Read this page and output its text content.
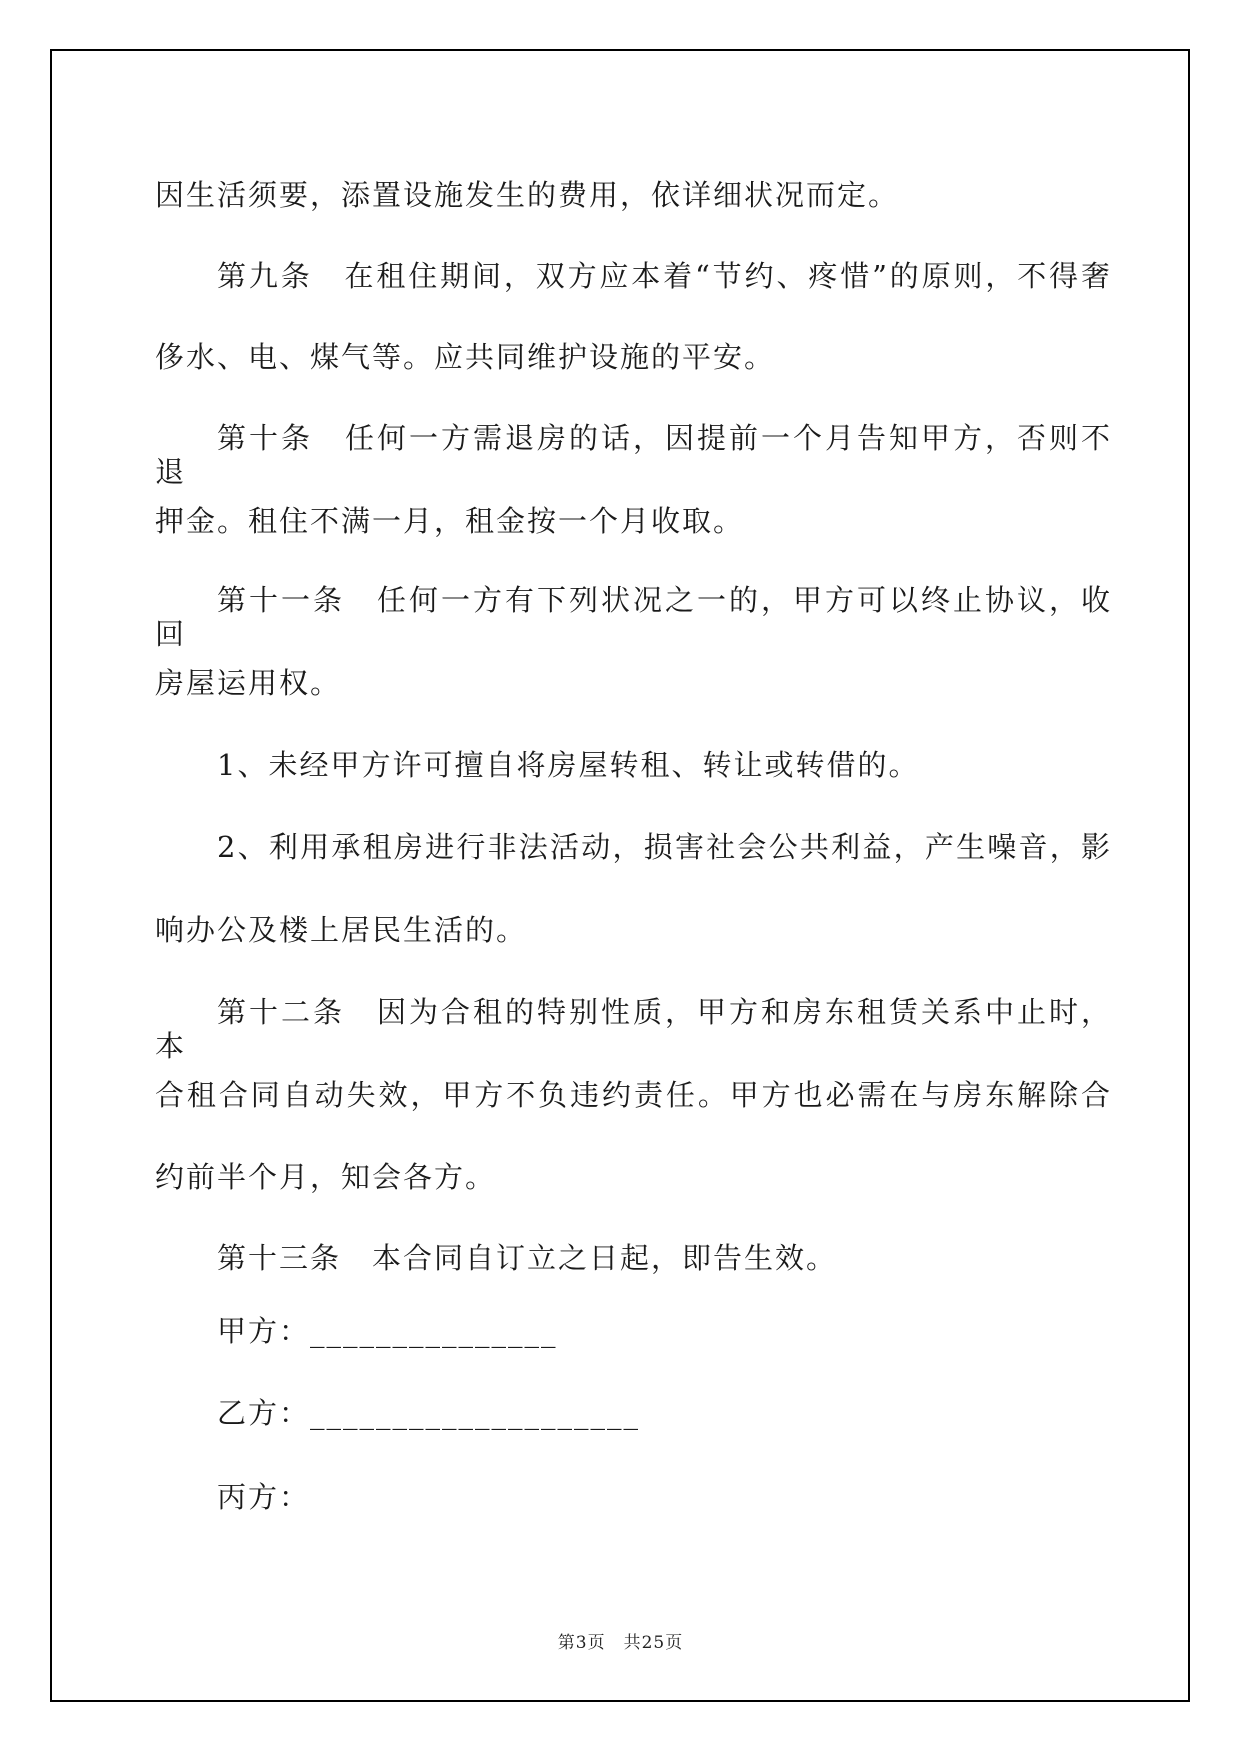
因生活须要，添置设施发生的费用，依详细状况而定。
第九条　在租住期间，双方应本着“节约、疼惜”的原则，不得奢
侈水、电、煤气等。应共同维护设施的平安。
第十条　任何一方需退房的话，因提前一个月告知甲方，否则不退
押金。租住不满一月，租金按一个月收取。
第十一条　任何一方有下列状况之一的，甲方可以终止协议，收回
房屋运用权。
1、未经甲方许可擅自将房屋转租、转让或转借的。
2、利用承租房进行非法活动，损害社会公共利益，产生噪音，影
响办公及楼上居民生活的。
第十二条　因为合租的特别性质，甲方和房东租赁关系中止时，本
合租合同自动失效，甲方不负违约责任。甲方也必需在与房东解除合
约前半个月，知会各方。
第十三条　本合同自订立之日起，即告生效。
甲方：_______________
乙方：____________________
丙方：
第3页　共25页
